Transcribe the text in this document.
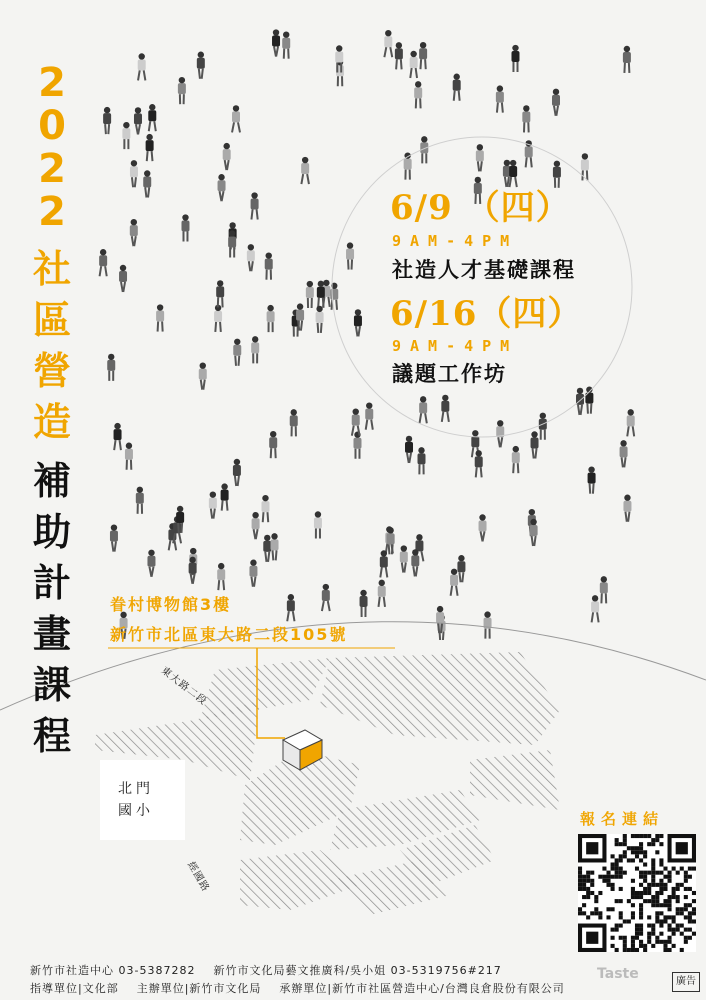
2
0
2
2
社
區
營
造
補
助
計
畫
課
程
6/9 （四）
9AM-4PM
社造人才基礎課程
6/16（四）
9AM-4PM
議題工作坊
眷村博物館3樓
新竹市北區東大路二段105號
北門
國小
東大路二段
經國路
報名連結
新竹市社造中心 03-5387282    新竹市文化局藝文推廣科/吳小姐 03-5319756#217
指導單位|文化部    主辦單位|新竹市文化局    承辦單位|新竹市社區營造中心/台灣良倉股份有限公司
Taste	廣告
